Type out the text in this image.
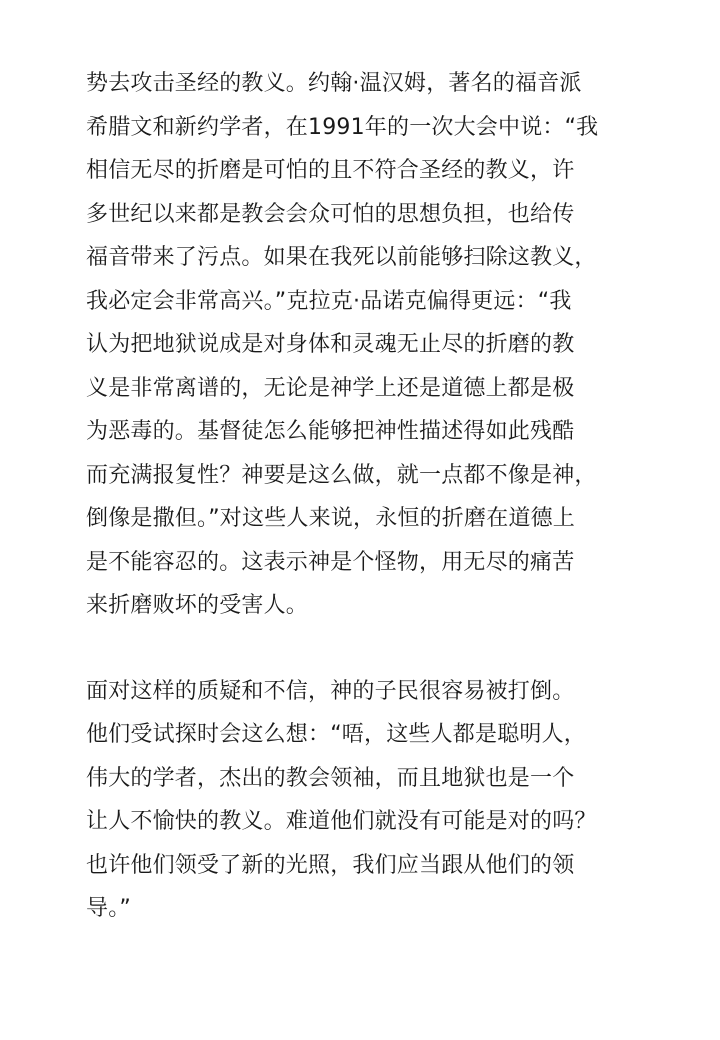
势去攻击圣经的教义。约翰·温汉姆，著名的福音派
希腊文和新约学者，在1991年的一次大会中说：“我
相信无尽的折磨是可怕的且不符合圣经的教义，许
多世纪以来都是教会会众可怕的思想负担，也给传
福音带来了污点。如果在我死以前能够扫除这教义，
我必定会非常高兴。”克拉克·品诺克偏得更远：“我
认为把地狱说成是对身体和灵魂无止尽的折磨的教
义是非常离谱的，无论是神学上还是道德上都是极
为恶毒的。基督徒怎么能够把神性描述得如此残酷
而充满报复性？神要是这么做，就一点都不像是神，
倒像是撒但。”对这些人来说，永恒的折磨在道德上
是不能容忍的。这表示神是个怪物，用无尽的痛苦
来折磨败坏的受害人。
面对这样的质疑和不信，神的子民很容易被打倒。
他们受试探时会这么想：“唔，这些人都是聪明人，
伟大的学者，杰出的教会领袖，而且地狱也是一个
让人不愉快的教义。难道他们就没有可能是对的吗？
也许他们领受了新的光照，我们应当跟从他们的领
导。”
